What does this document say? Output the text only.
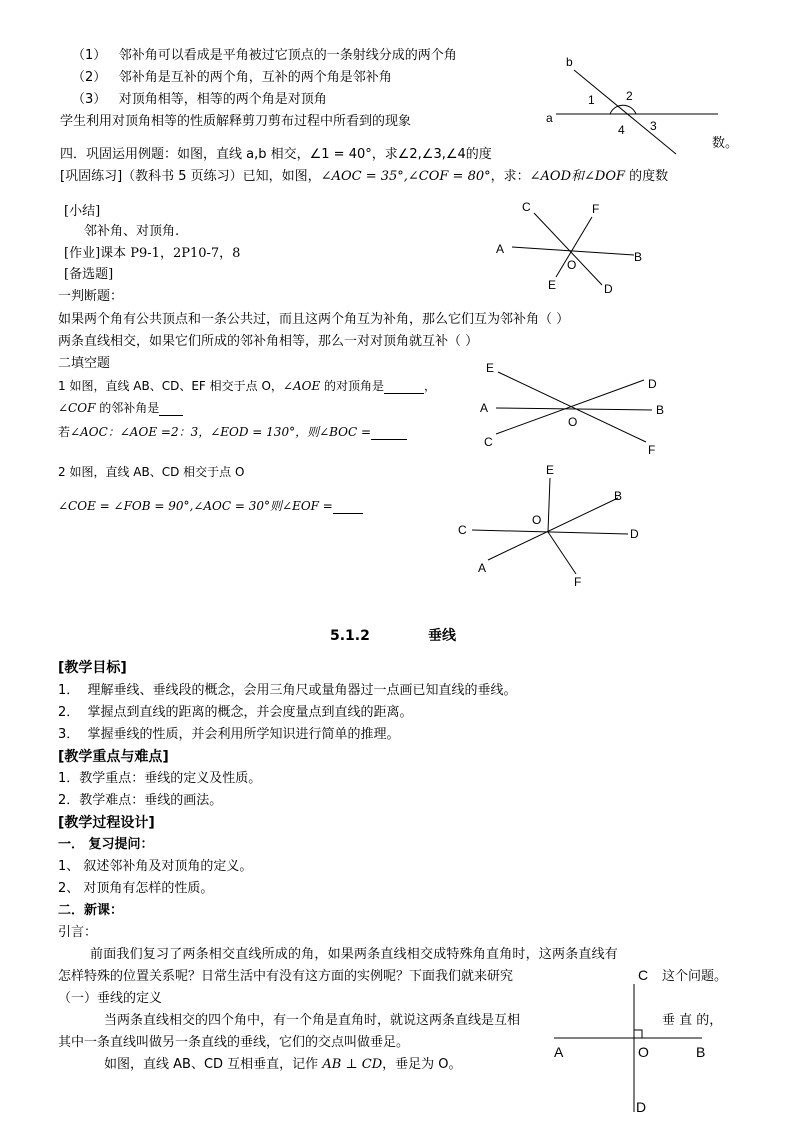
（1） 邻补角可以看成是平角被过它顶点的一条射线分成的两个角
（2） 邻补角是互补的两个角，互补的两个角是邻补角
（3） 对顶角相等，相等的两个角是对顶角
学生利用对顶角相等的性质解释剪刀剪布过程中所看到的现象
数。
a
b
1	2
3
4
四．巩固运用例题：如图，直线 a,b 相交，∠1 = 40°，求∠2,∠3,∠4的度
[巩固练习]（教科书 5 页练习）已知，如图，∠AOC = 35°,∠COF = 80°，求：∠AOD和∠DOF 的度数
[小结]
邻补角、对顶角.
[作业]课本 P9-1，2P10-7，8
[备选题]
A
B
C
D
E
F
O
一判断题：
如果两个角有公共顶点和一条公共过，而且这两个角互为补角，那么它们互为邻补角（ ）
两条直线相交，如果它们所成的邻补角相等，那么一对对顶角就互补（ ）
二填空题
1 如图，直线 AB、CD、EF 相交于点 O，∠AOE 的对顶角是	，
∠COF 的邻补角是
若∠AOC：∠AOE =2：3，∠EOD = 130°，则∠BOC =
A	B
C
D
E
F
O
2 如图，直线 AB、CD 相交于点 O
∠COE = ∠FOB = 90°,∠AOC = 30°则∠EOF =
A
B
C	D
E
F
O
5.1.2	垂线
[教学目标]
1． 理解垂线、垂线段的概念，会用三角尺或量角器过一点画已知直线的垂线。
2． 掌握点到直线的距离的概念，并会度量点到直线的距离。
3． 掌握垂线的性质，并会利用所学知识进行简单的推理。
[教学重点与难点]
1．教学重点：垂线的定义及性质。
2．教学难点：垂线的画法。
[教学过程设计]
一． 复习提问：
1、 叙述邻补角及对顶角的定义。
2、 对顶角有怎样的性质。
二．新课：
引言：
前面我们复习了两条相交直线所成的角，如果两条直线相交成特殊角直角时，这两条直线有
怎样特殊的位置关系呢？日常生活中有没有这方面的实例呢？下面我们就来研究	这个问题。
（一）垂线的定义
当两条直线相交的四个角中，有一个角是直角时，就说这两条直线是互相	垂 直 的，
其中一条直线叫做另一条直线的垂线，它们的交点叫做垂足。
如图，直线 AB、CD 互相垂直，记作 AB ⊥ CD，垂足为 O。
A	B
C
D
O
